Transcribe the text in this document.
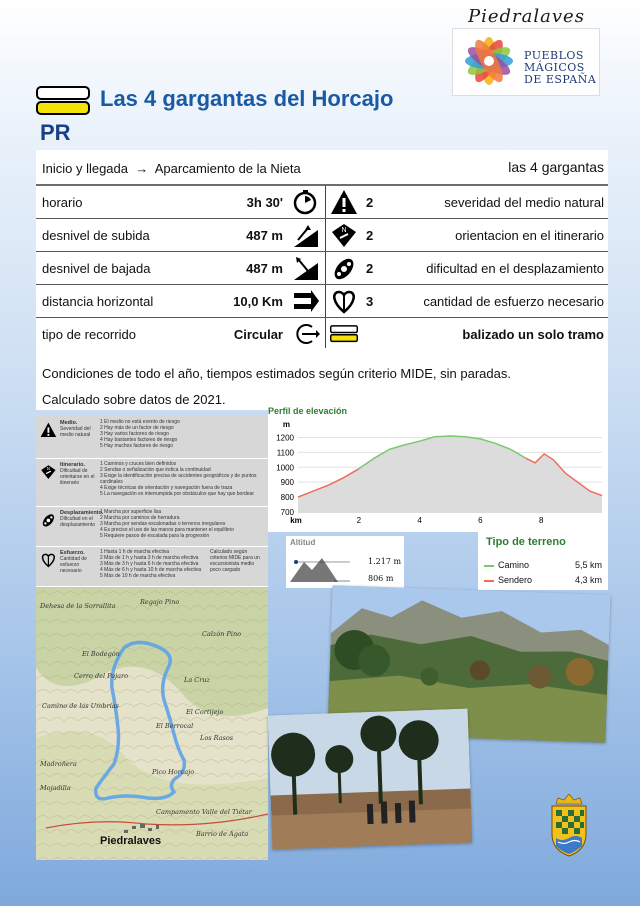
Piedralaves
PUEBLOS
MÁGICOS
DE ESPAÑA
Las 4 gargantas del Horcajo
PR
Inicio y llegada → Aparcamiento de la Nieta	las 4 gargantas
horario	3h 30'	2	severidad del medio natural
desnivel de subida	487 m	N 2	orientacion en el itinerario
desnivel de bajada	487 m	2	dificultad en el desplazamiento
distancia horizontal	10,0 Km	3	cantidad de esfuerzo necesario
tipo de recorrido	Circular	balizado un solo tramo

Condiciones de todo el año, tiempos estimados según criterio MIDE, sin paradas.

Calculado sobre datos de 2021.

Medio.
Severidad del medio natural
1 El medio no está exento de riesgo
2 Hay más de un factor de riesgo
3 Hay varios factores de riesgo
4 Hay bastantes factores de riesgo
5 Hay muchos factores de riesgo
N
Itinerario.
Dificultad de orientarse en el itinerario
1 Caminos y cruces bien definidos
2 Sendas o señalización que indica la continuidad
3 Exige la identificación precisa de accidentes geográficos y de puntos cardinales
4 Exige técnicas de orientación y navegación fuera de traza
5 La navegación es interrumpida por obstáculos que hay que bordear
Desplazamiento.
Dificultad en el desplazamiento
1 Marcha por superficie lisa
2 Marcha por caminos de herradura
3 Marcha por sendas escalonadas o terrenos irregulares
4 Es preciso el uso de las manos para mantener el equilibrio
5 Requiere pasos de escalada para la progresión
Esfuerzo.
Cantidad de esfuerzo necesario
1 Hasta 1 h de marcha efectiva
2 Más de 1 h y hasta 3 h de marcha efectiva
3 Más de 3 h y hasta 6 h de marcha efectiva
4 Más de 6 h y hasta 10 h de marcha efectiva
5 Más de 10 h de marcha efectiva
Calculado según criterios MIDE para un excursionista medio poco cargado
Perfil de elevación
1200
1100
1000
900
800
700
m
2	4	6	8
km
Altitud
1.217 m
806 m
Tipo de terreno
Camino	5,5 km
Sendero	4,3 km
Dehesa de la Sorrallita	Regajo Pino
Calzón Pino
Cerro del Pajaro
El Bodegón
La Cruz
El Cortijejo
Los Rasos
El Berrocal
Pico Horcajo
Madroñera
Mojadilla
Campamento Valle del Tiétar
Barrio de Ágata
Camino de las Umbrías
Piedralaves
